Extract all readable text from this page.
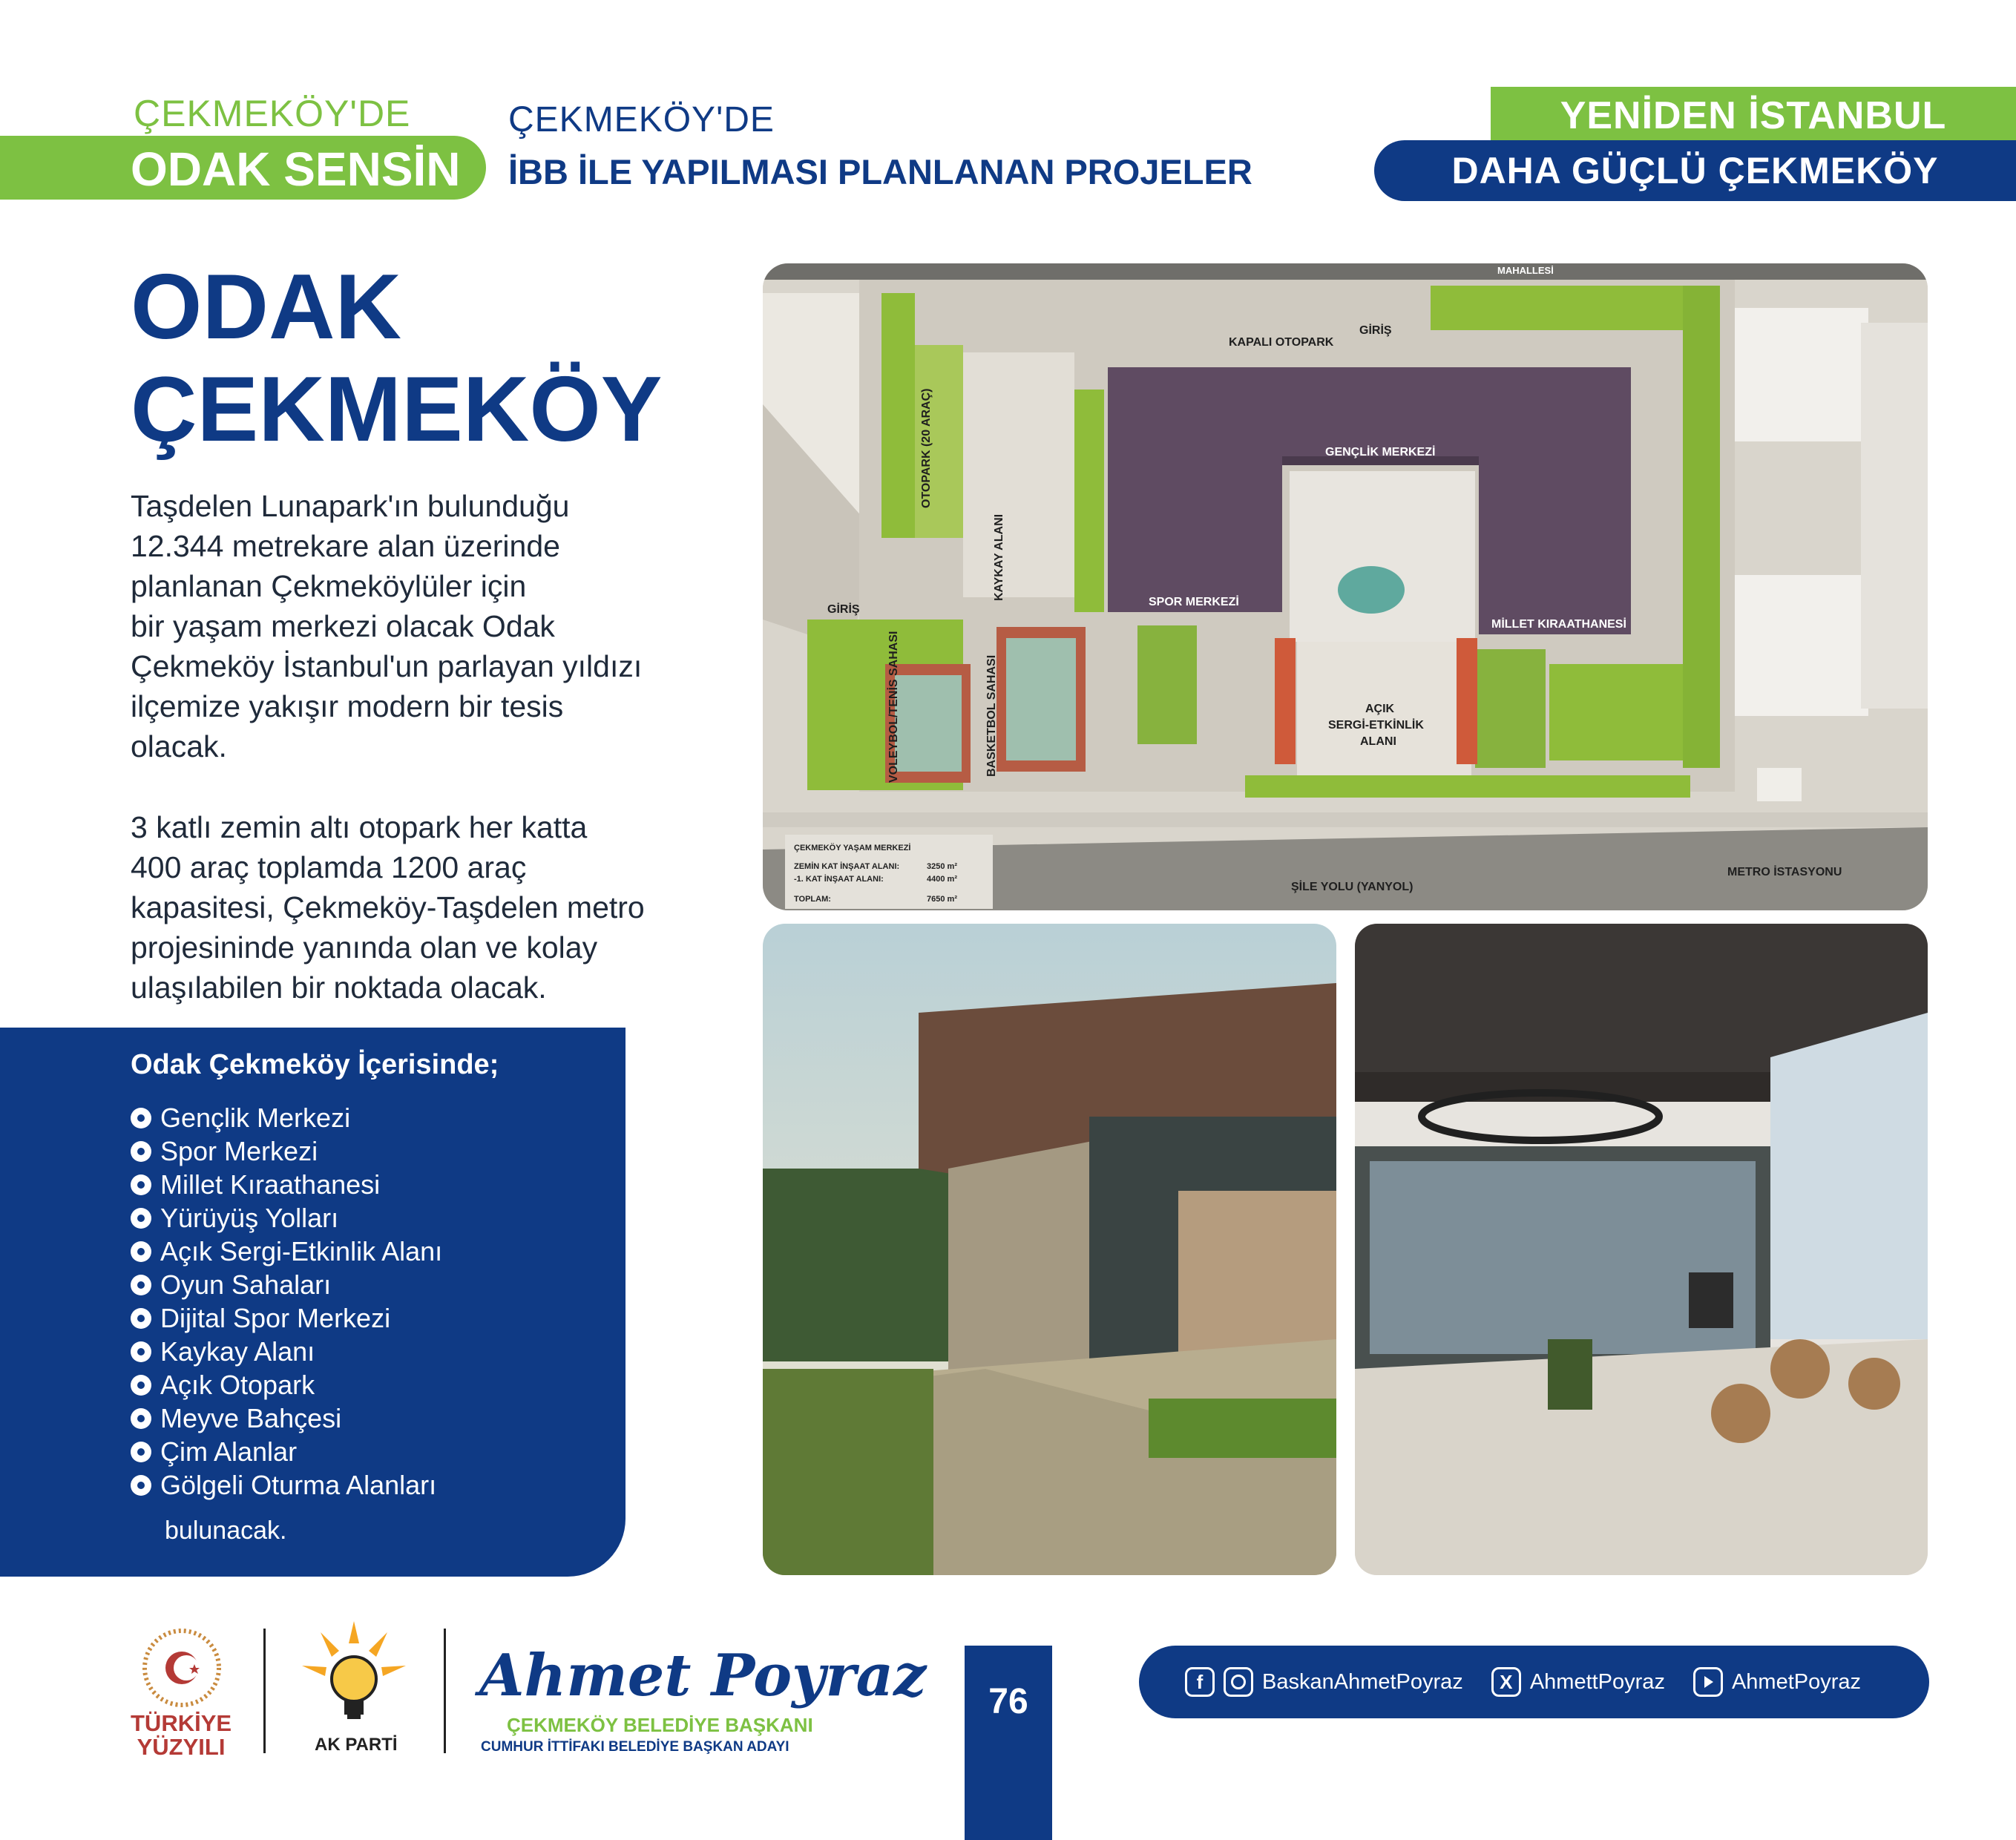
ÇEKMEKÖY'DE
ODAK SENSİN
ÇEKMEKÖY'DE
İBB İLE YAPILMASI PLANLANAN PROJELER
YENİDEN İSTANBUL
DAHA GÜÇLÜ ÇEKMEKÖY
ODAK
ÇEKMEKÖY

Taşdelen Lunapark'ın bulunduğu

12.344 metrekare alan üzerinde

planlanan Çekmeköylüler için

bir yaşam merkezi olacak Odak

Çekmeköy İstanbul'un parlayan yıldızı

ilçemize yakışır modern bir tesis

olacak.

3 katlı zemin altı otopark her katta

400 araç toplamda 1200 araç

kapasitesi, Çekmeköy-Taşdelen metro

projesininde yanında olan ve kolay

ulaşılabilen bir noktada olacak.

Odak Çekmeköy İçerisinde;
Gençlik Merkezi
Spor Merkezi
Millet Kıraathanesi
Yürüyüş Yolları
Açık Sergi-Etkinlik Alanı
Oyun Sahaları
Dijital Spor Merkezi
Kaykay Alanı
Açık Otopark
Meyve Bahçesi
Çim Alanlar
Gölgeli Oturma Alanları
bulunacak.
MAHALLESİ
KAPALI OTOPARK
GİRİŞ
GİRİŞ
OTOPARK (20 ARAÇ)
KAYKAY ALANI
GENÇLİK MERKEZİ
SPOR MERKEZİ
MİLLET KIRAATHANESİ
VOLEYBOL/TENİS SAHASI	BASKETBOL SAHASI	AÇIK
SERGİ-ETKİNLİK
ALANI
ŞİLE YOLU (YANYOL)
METRO İSTASYONU
ÇEKMEKÖY YAŞAM MERKEZİ
ZEMİN KAT İNŞAAT ALANI:	3250 m²
-1. KAT İNŞAAT ALANI:	4400 m²
TOPLAM:	7650 m²
TÜRKİYE
YÜZYILI	AK PARTİ
Ahmet Poyraz
ÇEKMEKÖY BELEDİYE BAŞKANI
CUMHUR İTTİFAKI BELEDİYE BAŞKAN ADAYI
76
f	BaskanAhmetPoyraz	X AhmettPoyraz	AhmetPoyraz
